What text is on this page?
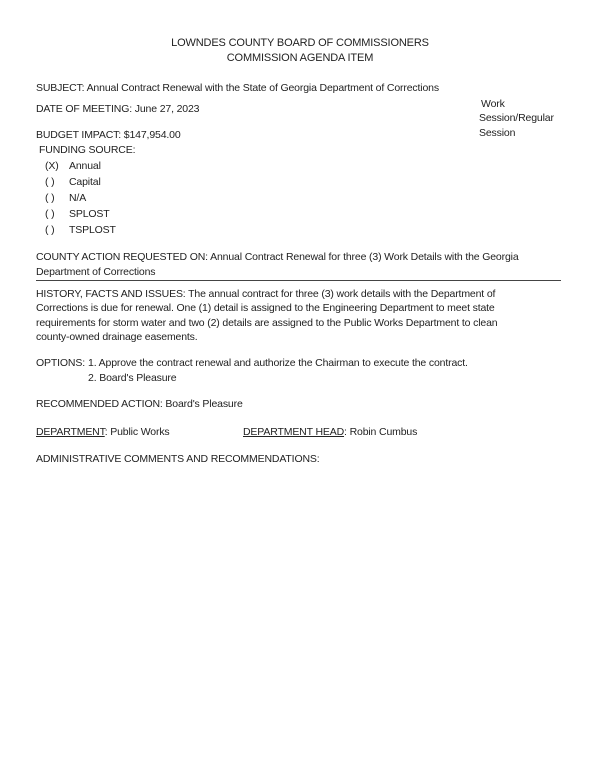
LOWNDES COUNTY BOARD OF COMMISSIONERS
COMMISSION AGENDA ITEM
SUBJECT: Annual Contract Renewal with the State of Georgia Department of Corrections
DATE OF MEETING: June 27, 2023	Work
Session/Regular
Session
BUDGET IMPACT: $147,954.00
FUNDING SOURCE:
(X) Annual
( ) Capital
( ) N/A
( ) SPLOST
( ) TSPLOST
COUNTY ACTION REQUESTED ON: Annual Contract Renewal for three (3) Work Details with the Georgia
Department of Corrections
HISTORY, FACTS AND ISSUES: The annual contract for three (3) work details with the Department of
Corrections is due for renewal. One (1) detail is assigned to the Engineering Department to meet state
requirements for storm water and two (2) details are assigned to the Public Works Department to clean
county-owned drainage easements.
OPTIONS: 1. Approve the contract renewal and authorize the Chairman to execute the contract.
2. Board's Pleasure
RECOMMENDED ACTION: Board's Pleasure
DEPARTMENT: Public Works	DEPARTMENT HEAD: Robin Cumbus
ADMINISTRATIVE COMMENTS AND RECOMMENDATIONS:
